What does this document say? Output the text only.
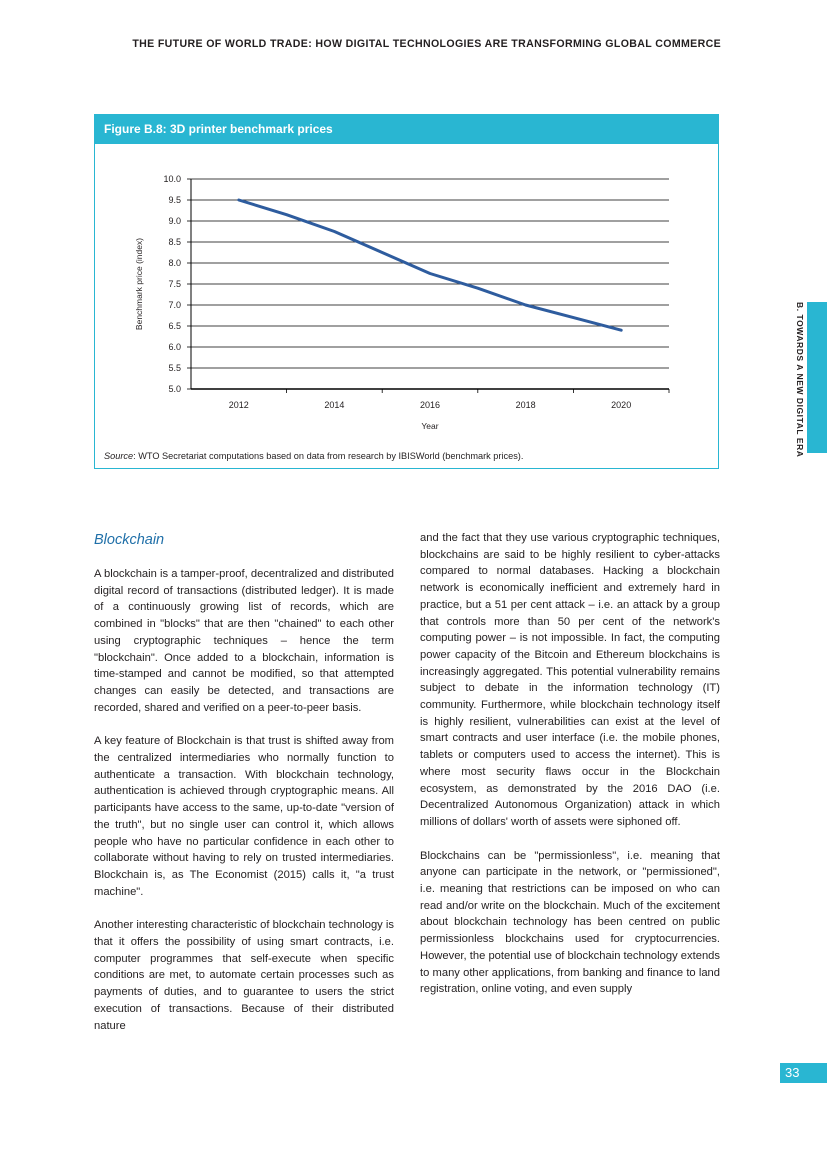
THE FUTURE OF WORLD TRADE: HOW DIGITAL TECHNOLOGIES ARE TRANSFORMING GLOBAL COMMERCE
Figure B.8: 3D printer benchmark prices
10.0
9.5
9.0
8.5
8.0
7.5
7.0
6.5
6.0
5.5
5.0
2012	2014	2016	2018	2020
Year
Benchmark price (index)
Source: WTO Secretariat computations based on data from research by IBISWorld (benchmark prices).	B. TOWARDS A NEW DIGITAL ERA
Blockchain

A blockchain is a tamper-proof, decentralized and distributed digital record of transactions (distributed ledger). It is made of a continuously growing list of records, which are combined in "blocks" that are then "chained" to each other using cryptographic techniques – hence the term "blockchain". Once added to a blockchain, information is time-stamped and cannot be modified, so that attempted changes can easily be detected, and transactions are recorded, shared and verified on a peer-to-peer basis.

A key feature of Blockchain is that trust is shifted away from the centralized intermediaries who normally function to authenticate a transaction. With blockchain technology, authentication is achieved through cryptographic means. All participants have access to the same, up-to-date "version of the truth", but no single user can control it, which allows people who have no particular confidence in each other to collaborate without having to rely on trusted intermediaries. Blockchain is, as The Economist (2015) calls it, "a trust machine".

Another interesting characteristic of blockchain technology is that it offers the possibility of using smart contracts, i.e. computer programmes that self-execute when specific conditions are met, to automate certain processes such as payments of duties, and to guarantee to users the strict execution of transactions. Because of their distributed nature

and the fact that they use various cryptographic techniques, blockchains are said to be highly resilient to cyber-attacks compared to normal databases. Hacking a blockchain network is economically inefficient and extremely hard in practice, but a 51 per cent attack – i.e. an attack by a group that controls more than 50 per cent of the network's computing power – is not impossible. In fact, the computing power capacity of the Bitcoin and Ethereum blockchains is increasingly aggregated. This potential vulnerability remains subject to debate in the information technology (IT) community. Furthermore, while blockchain technology itself is highly resilient, vulnerabilities can exist at the level of smart contracts and user interface (i.e. the mobile phones, tablets or computers used to access the internet). This is where most security flaws occur in the Blockchain ecosystem, as demonstrated by the 2016 DAO (i.e. Decentralized Autonomous Organization) attack in which millions of dollars' worth of assets were siphoned off.

Blockchains can be "permissionless", i.e. meaning that anyone can participate in the network, or "permissioned", i.e. meaning that restrictions can be imposed on who can read and/or write on the blockchain. Much of the excitement about blockchain technology has been centred on public permissionless blockchains used for cryptocurrencies. However, the potential use of blockchain technology extends to many other applications, from banking and finance to land registration, online voting, and even supply

33
